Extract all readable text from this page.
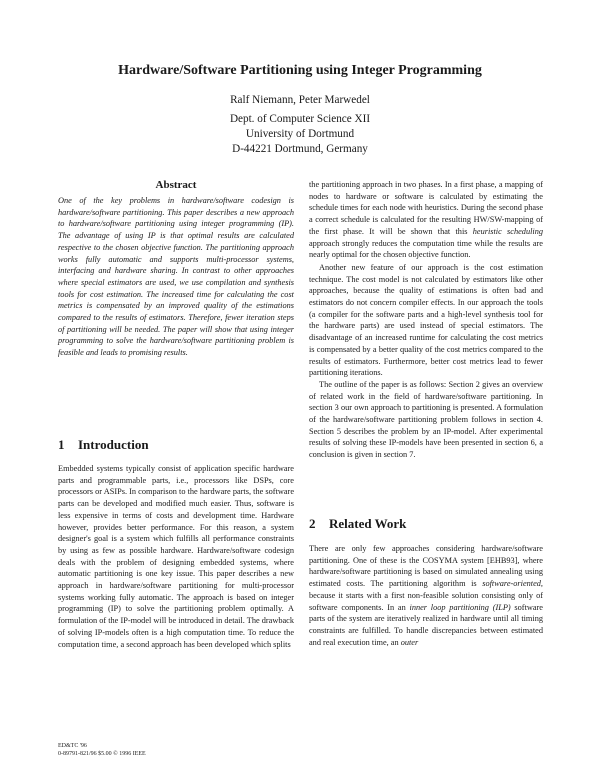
Hardware/Software Partitioning using Integer Programming
Ralf Niemann, Peter Marwedel
Dept. of Computer Science XII
University of Dortmund
D-44221 Dortmund, Germany
Abstract

One of the key problems in hardware/software codesign is hardware/software partitioning. This paper describes a new approach to hardware/software partitioning using integer programming (IP). The advantage of using IP is that optimal results are calculated respective to the chosen objective function. The partitioning approach works fully automatic and supports multi-processor systems, interfacing and hardware sharing. In contrast to other approaches where special estimators are used, we use compilation and synthesis tools for cost estimation. The increased time for calculating the cost metrics is compensated by an improved quality of the estimations compared to the results of estimators. Therefore, fewer iteration steps of partitioning will be needed. The paper will show that using integer programming to solve the hardware/software partitioning problem is feasible and leads to promising results.

1 Introduction

Embedded systems typically consist of application specific hardware parts and programmable parts, i.e., processors like DSPs, core processors or ASIPs. In comparison to the hardware parts, the software parts can be developed and modified much easier. Thus, software is less expensive in terms of costs and development time. Hardware however, provides better performance. For this reason, a system designer's goal is a system which fulfills all performance constraints by using as few as possible hardware. Hardware/software codesign deals with the problem of designing embedded systems, where automatic partitioning is one key issue. This paper describes a new approach in hardware/software partitioning for multi-processor systems working fully automatic. The approach is based on integer programming (IP) to solve the partitioning problem optimally. A formulation of the IP-model will be introduced in detail. The drawback of solving IP-models often is a high computation time. To reduce the computation time, a second approach has been developed which splits

ED&TC '96
0-89791-821/96 $5.00 © 1996 IEEE

the partitioning approach in two phases. In a first phase, a mapping of nodes to hardware or software is calculated by estimating the schedule times for each node with heuristics. During the second phase a correct schedule is calculated for the resulting HW/SW-mapping of the first phase. It will be shown that this heuristic scheduling approach strongly reduces the computation time while the results are nearly optimal for the chosen objective function.

Another new feature of our approach is the cost estimation technique. The cost model is not calculated by estimators like other approaches, because the quality of estimations is often bad and estimators do not concern compiler effects. In our approach the tools (a compiler for the software parts and a high-level synthesis tool for the hardware parts) are used instead of special estimators. The disadvantage of an increased runtime for calculating the cost metrics is compensated by a better quality of the cost metrics compared to the results of estimators. Furthermore, better cost metrics lead to fewer partitioning iterations.

The outline of the paper is as follows: Section 2 gives an overview of related work in the field of hardware/software partitioning. In section 3 our own approach to partitioning is presented. A formulation of the hardware/software partitioning problem follows in section 4. Section 5 describes the problem by an IP-model. After experimental results of solving these IP-models have been presented in section 6, a conclusion is given in section 7.

2 Related Work

There are only few approaches considering hardware/software partitioning. One of these is the COSYMA system [EHB93], where hardware/software partitioning is based on simulated annealing using estimated costs. The partitioning algorithm is software-oriented, because it starts with a first non-feasible solution consisting only of software components. In an inner loop partitioning (ILP) software parts of the system are iteratively realized in hardware until all timing constraints are fulfilled. To handle discrepancies between estimated and real execution time, an outer
